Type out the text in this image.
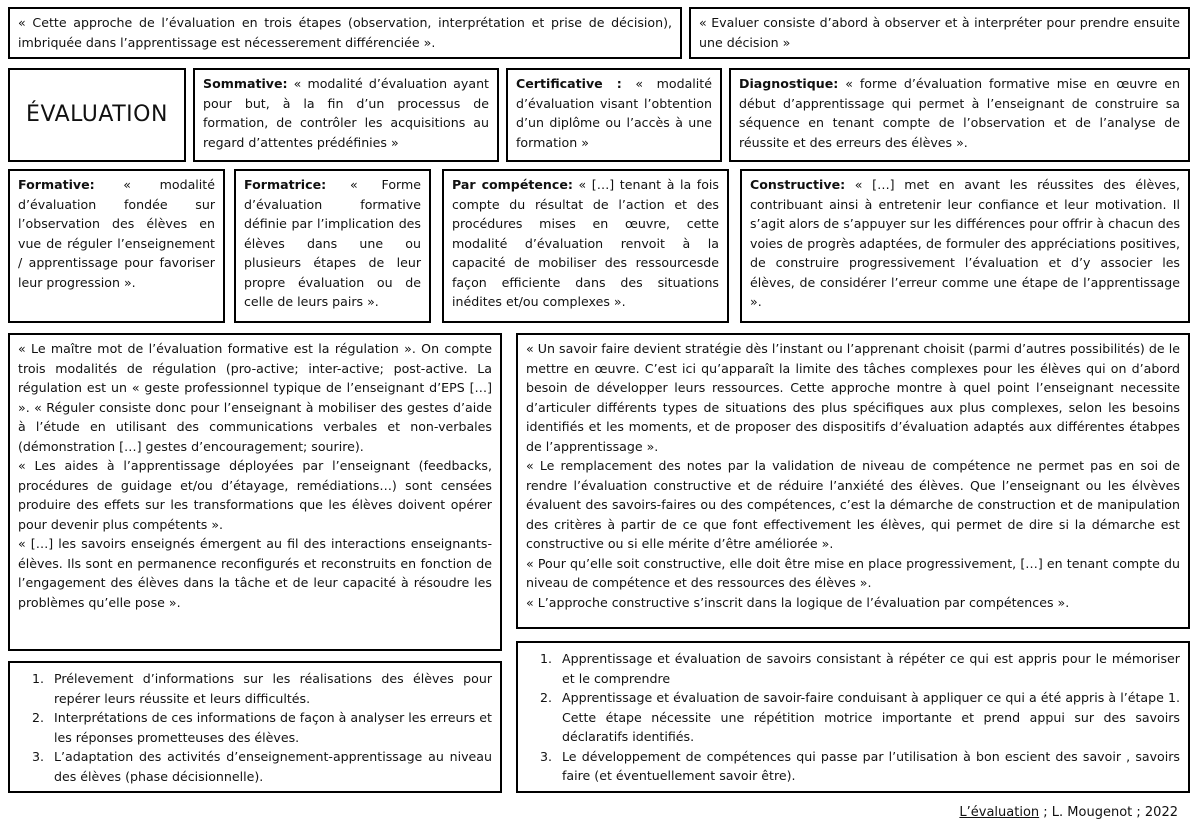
« Cette approche de l’évaluation en trois étapes (observation, interprétation et prise de décision), imbriquée dans l’apprentissage est nécesserement différenciée ».

« Evaluer consiste d’abord à observer et à interpréter pour prendre ensuite une décision »

ÉVALUATION

Sommative: « modalité d’évaluation ayant pour but, à la fin d’un processus de formation, de contrôler les acquisitions au regard d’attentes prédéfinies »

Certificative : « modalité d’évaluation visant l’obtention d’un diplôme ou l’accès à une formation »

Diagnostique: « forme d’évaluation formative mise en œuvre en début d’apprentissage qui permet à l’enseignant de construire sa séquence en tenant compte de l’observation et de l’analyse de réussite et des erreurs des élèves ».

Formative: « modalité d’évaluation fondée sur l’observation des élèves en vue de réguler l’enseignement / apprentissage pour favoriser leur progression ».

Formatrice: « Forme d’évaluation formative définie par l’implication des élèves dans une ou plusieurs étapes de leur propre évaluation ou de celle de leurs pairs ».

Par compétence: « […] tenant à la fois compte du résultat de l’action et des procédures mises en œuvre, cette modalité d’évaluation renvoit à la capacité de mobiliser des ressourcesde façon efficiente dans des situations inédites et/ou complexes ».

Constructive: « […] met en avant les réussites des élèves, contribuant ainsi à entretenir leur confiance et leur motivation. Il s’agit alors de s’appuyer sur les différences pour offrir à chacun des voies de progrès adaptées, de formuler des appréciations positives, de construire progressivement l’évaluation et d’y associer les élèves, de considérer l’erreur comme une étape de l’apprentissage ».

« Le maître mot de l’évaluation formative est la régulation ». On compte trois modalités de régulation (pro-active; inter-active; post-active. La régulation est un « geste professionnel typique de l’enseignant d’EPS […] ». « Réguler consiste donc pour l’enseignant à mobiliser des gestes d’aide à l’étude en utilisant des communications verbales et non-verbales (démonstration […] gestes d’encouragement; sourire).

« Les aides à l’apprentissage déployées par l’enseignant (feedbacks, procédures de guidage et/ou d’étayage, remédiations…) sont censées produire des effets sur les transformations que les élèves doivent opérer pour devenir plus compétents ».

« […] les savoirs enseignés émergent au fil des interactions enseignants-élèves. Ils sont en permanence reconfigurés et reconstruits en fonction de l’engagement des élèves dans la tâche et de leur capacité à résoudre les problèmes qu’elle pose ».

« Un savoir faire devient stratégie dès l’instant ou l’apprenant choisit (parmi d’autres possibilités) de le mettre en œuvre. C’est ici qu’apparaît la limite des tâches complexes pour les élèves qui on d’abord besoin de développer leurs ressources. Cette approche montre à quel point l’enseignant necessite d’articuler différents types de situations des plus spécifiques aux plus complexes, selon les besoins identifiés et les moments, et de proposer des dispositifs d’évaluation adaptés aux différentes étabpes de l’apprentissage ».

« Le remplacement des notes par la validation de niveau de compétence ne permet pas en soi de rendre l’évaluation constructive et de réduire l’anxiété des élèves. Que l’enseignant ou les élvèves évaluent des savoirs-faires ou des compétences, c’est la démarche de construction et de manipulation des critères à partir de ce que font effectivement les élèves, qui permet de dire si la démarche est constructive ou si elle mérite d’être améliorée ».

« Pour qu’elle soit constructive, elle doit être mise en place progressivement, […] en tenant compte du niveau de compétence et des ressources des élèves ».

« L’approche constructive s’inscrit dans la logique de l’évaluation par compétences ».

1. Prélevement d’informations sur les réalisations des élèves pour repérer leurs réussite et leurs difficultés.
2. Interprétations de ces informations de façon à analyser les erreurs et les réponses prometteuses des élèves.
3. L’adaptation des activités d’enseignement-apprentissage au niveau des élèves (phase décisionnelle).
1. Apprentissage et évaluation de savoirs consistant à répéter ce qui est appris pour le mémoriser et le comprendre
2. Apprentissage et évaluation de savoir-faire conduisant à appliquer ce qui a été appris à l’étape 1. Cette étape nécessite une répétition motrice importante et prend appui sur des savoirs déclaratifs identifiés.
3. Le développement de compétences qui passe par l’utilisation à bon escient des savoir , savoirs faire (et éventuellement savoir être).
L’évaluation ; L. Mougenot ; 2022
